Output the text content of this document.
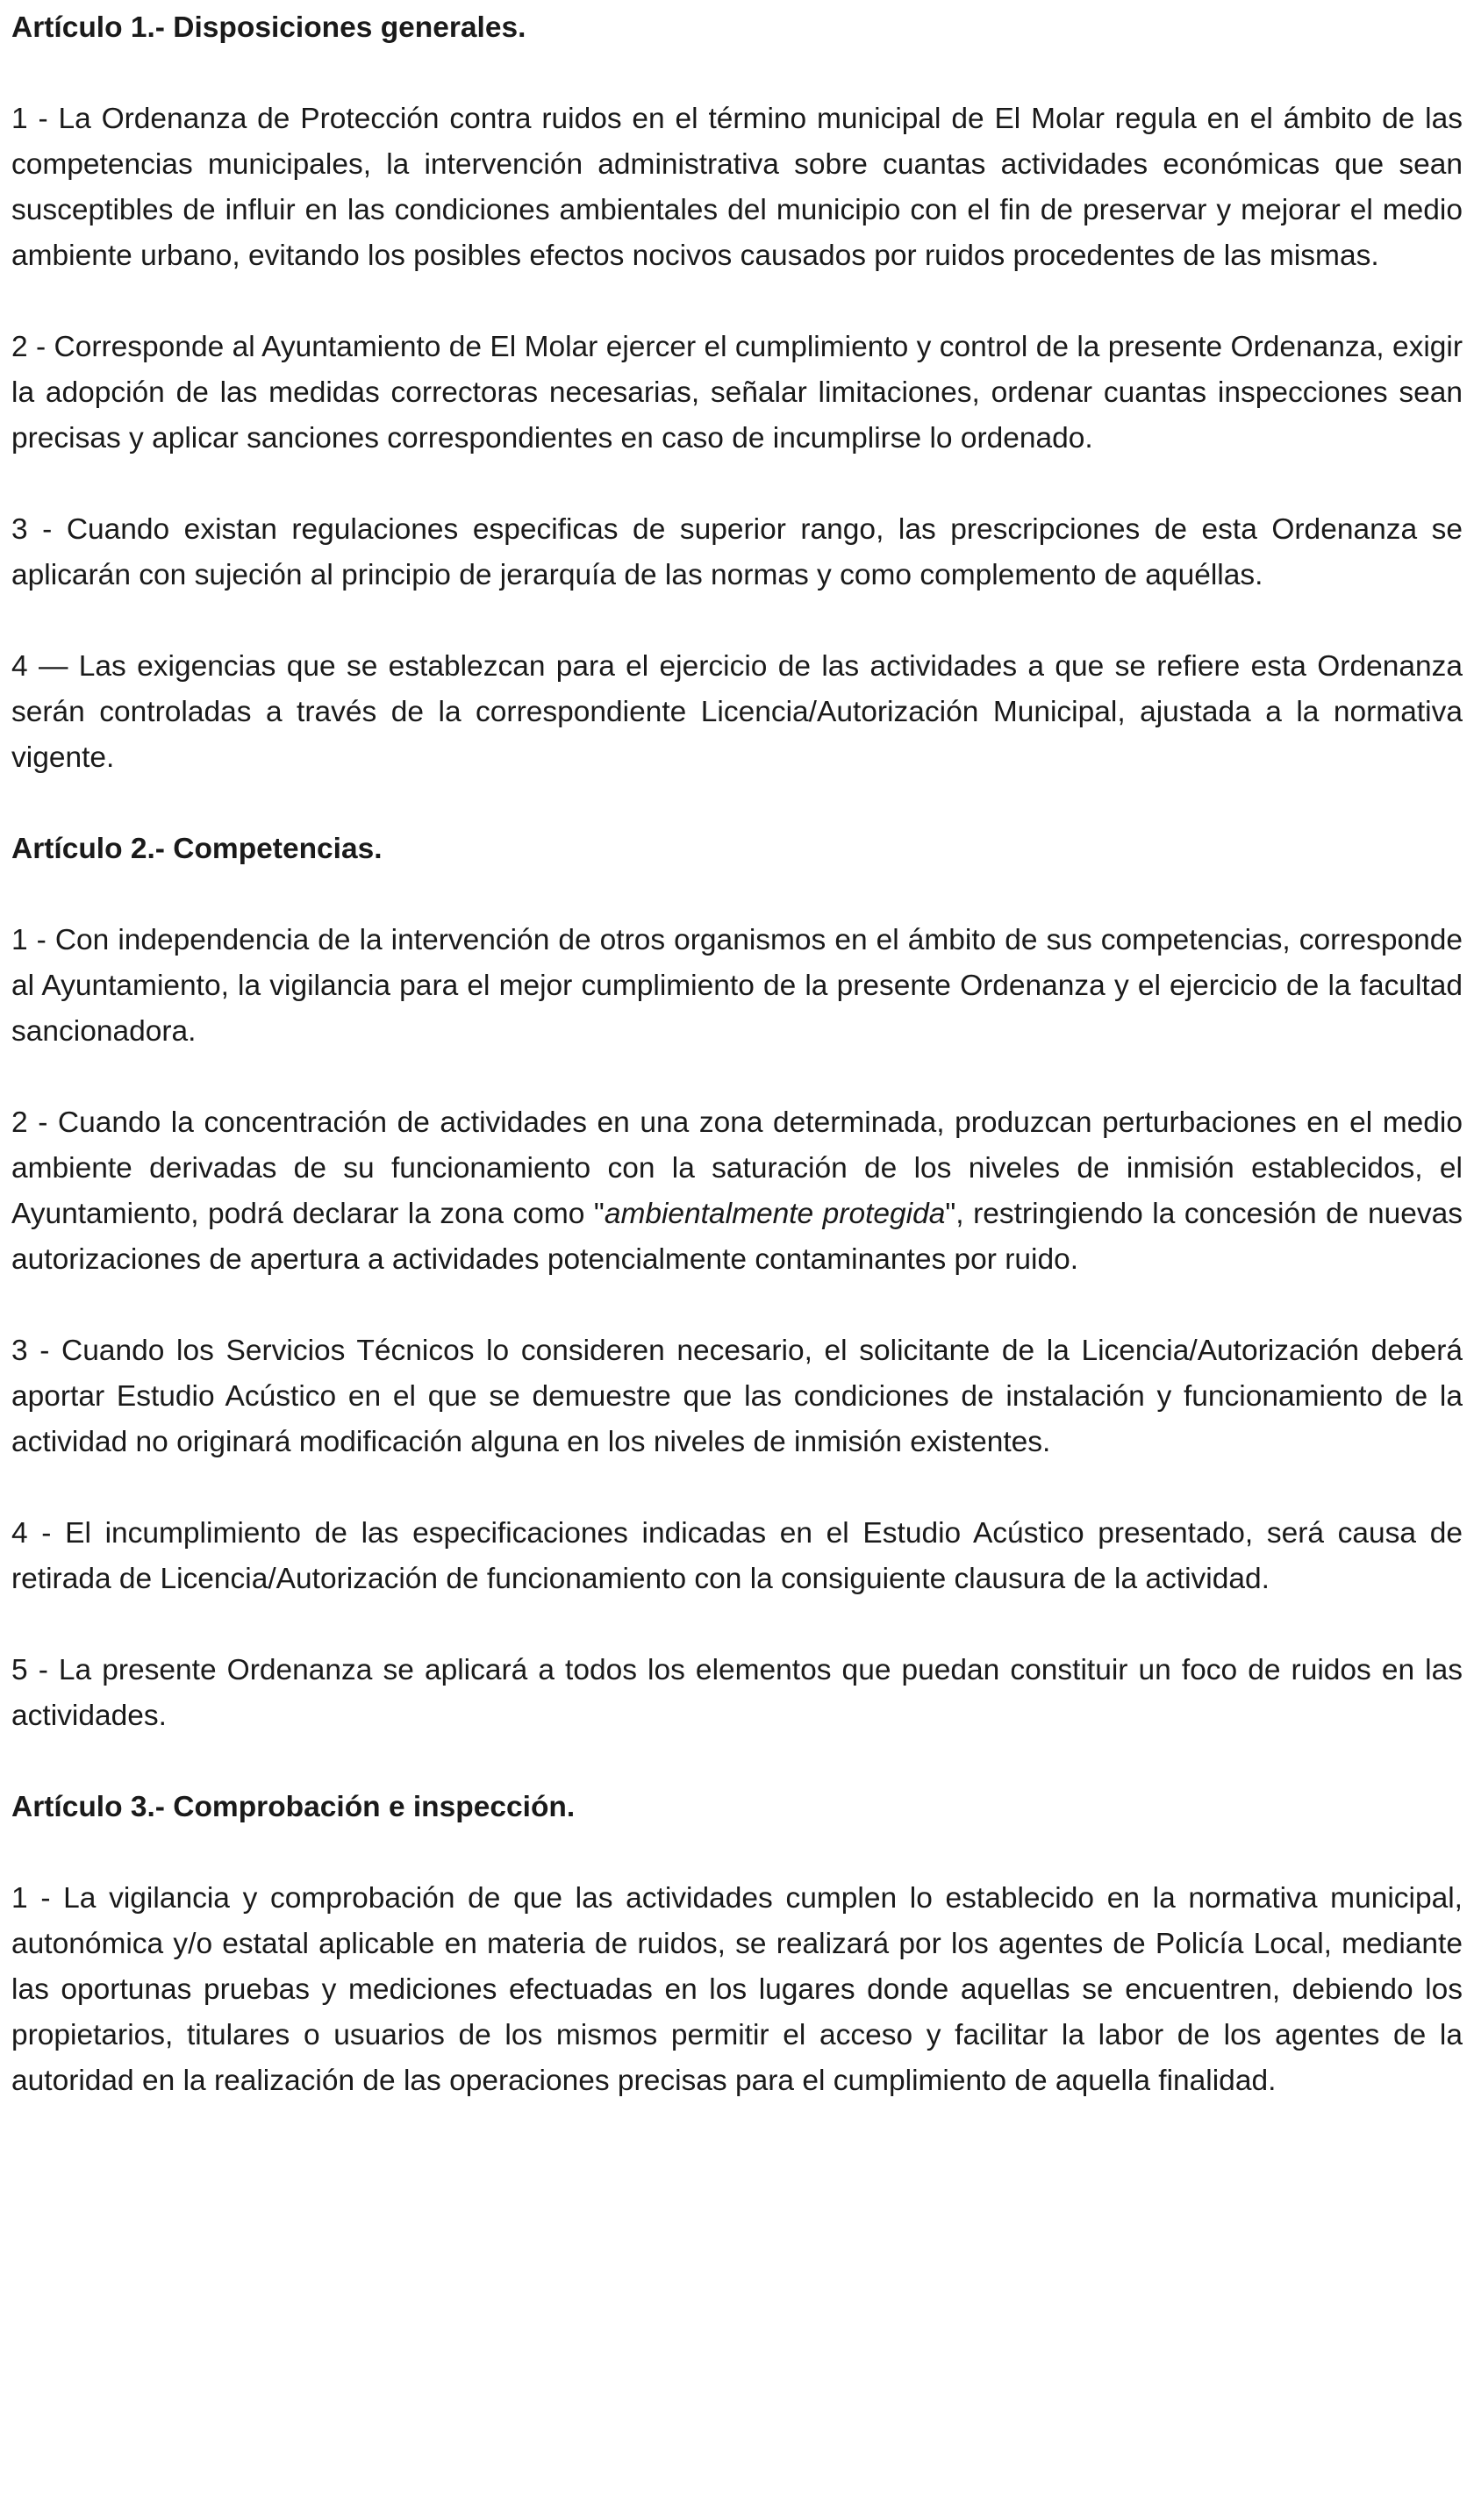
Artículo 1.- Disposiciones generales.

1 - La Ordenanza de Protección contra ruidos en el término municipal de El Molar regula en el ámbito de las competencias municipales, la intervención administrativa sobre cuantas actividades económicas que sean susceptibles de influir en las condiciones ambientales del municipio con el fin de preservar y mejorar el medio ambiente urbano, evitando los posibles efectos nocivos causados por ruidos procedentes de las mismas.

2 - Corresponde al Ayuntamiento de El Molar ejercer el cumplimiento y control de la presente Ordenanza, exigir la adopción de las medidas correctoras necesarias, señalar limitaciones, ordenar cuantas inspecciones sean precisas y aplicar sanciones correspondientes en caso de incumplirse lo ordenado.

3 - Cuando existan regulaciones especificas de superior rango, las prescripciones de esta Ordenanza se aplicarán con sujeción al principio de jerarquía de las normas y como complemento de aquéllas.

4 — Las exigencias que se establezcan para el ejercicio de las actividades a que se refiere esta Ordenanza serán controladas a través de la correspondiente Licencia/Autorización Municipal, ajustada a la normativa vigente.

Artículo 2.- Competencias.

1 - Con independencia de la intervención de otros organismos en el ámbito de sus competencias, corresponde al Ayuntamiento, la vigilancia para el mejor cumplimiento de la presente Ordenanza y el ejercicio de la facultad sancionadora.

2 - Cuando la concentración de actividades en una zona determinada, produzcan perturbaciones en el medio ambiente derivadas de su funcionamiento con la saturación de los niveles de inmisión establecidos, el Ayuntamiento, podrá declarar la zona como "ambientalmente protegida", restringiendo la concesión de nuevas autorizaciones de apertura a actividades potencialmente contaminantes por ruido.

3 - Cuando los Servicios Técnicos lo consideren necesario, el solicitante de la Licencia/Autorización deberá aportar Estudio Acústico en el que se demuestre que las condiciones de instalación y funcionamiento de la actividad no originará modificación alguna en los niveles de inmisión existentes.

4 - El incumplimiento de las especificaciones indicadas en el Estudio Acústico presentado, será causa de retirada de Licencia/Autorización de funcionamiento con la consiguiente clausura de la actividad.

5 - La presente Ordenanza se aplicará a todos los elementos que puedan constituir un foco de ruidos en las actividades.

Artículo 3.- Comprobación e inspección.

1 - La vigilancia y comprobación de que las actividades cumplen lo establecido en la normativa municipal, autonómica y/o estatal aplicable en materia de ruidos, se realizará por los agentes de Policía Local, mediante las oportunas pruebas y mediciones efectuadas en los lugares donde aquellas se encuentren, debiendo los propietarios, titulares o usuarios de los mismos permitir el acceso y facilitar la labor de los agentes de la autoridad en la realización de las operaciones precisas para el cumplimiento de aquella finalidad.
